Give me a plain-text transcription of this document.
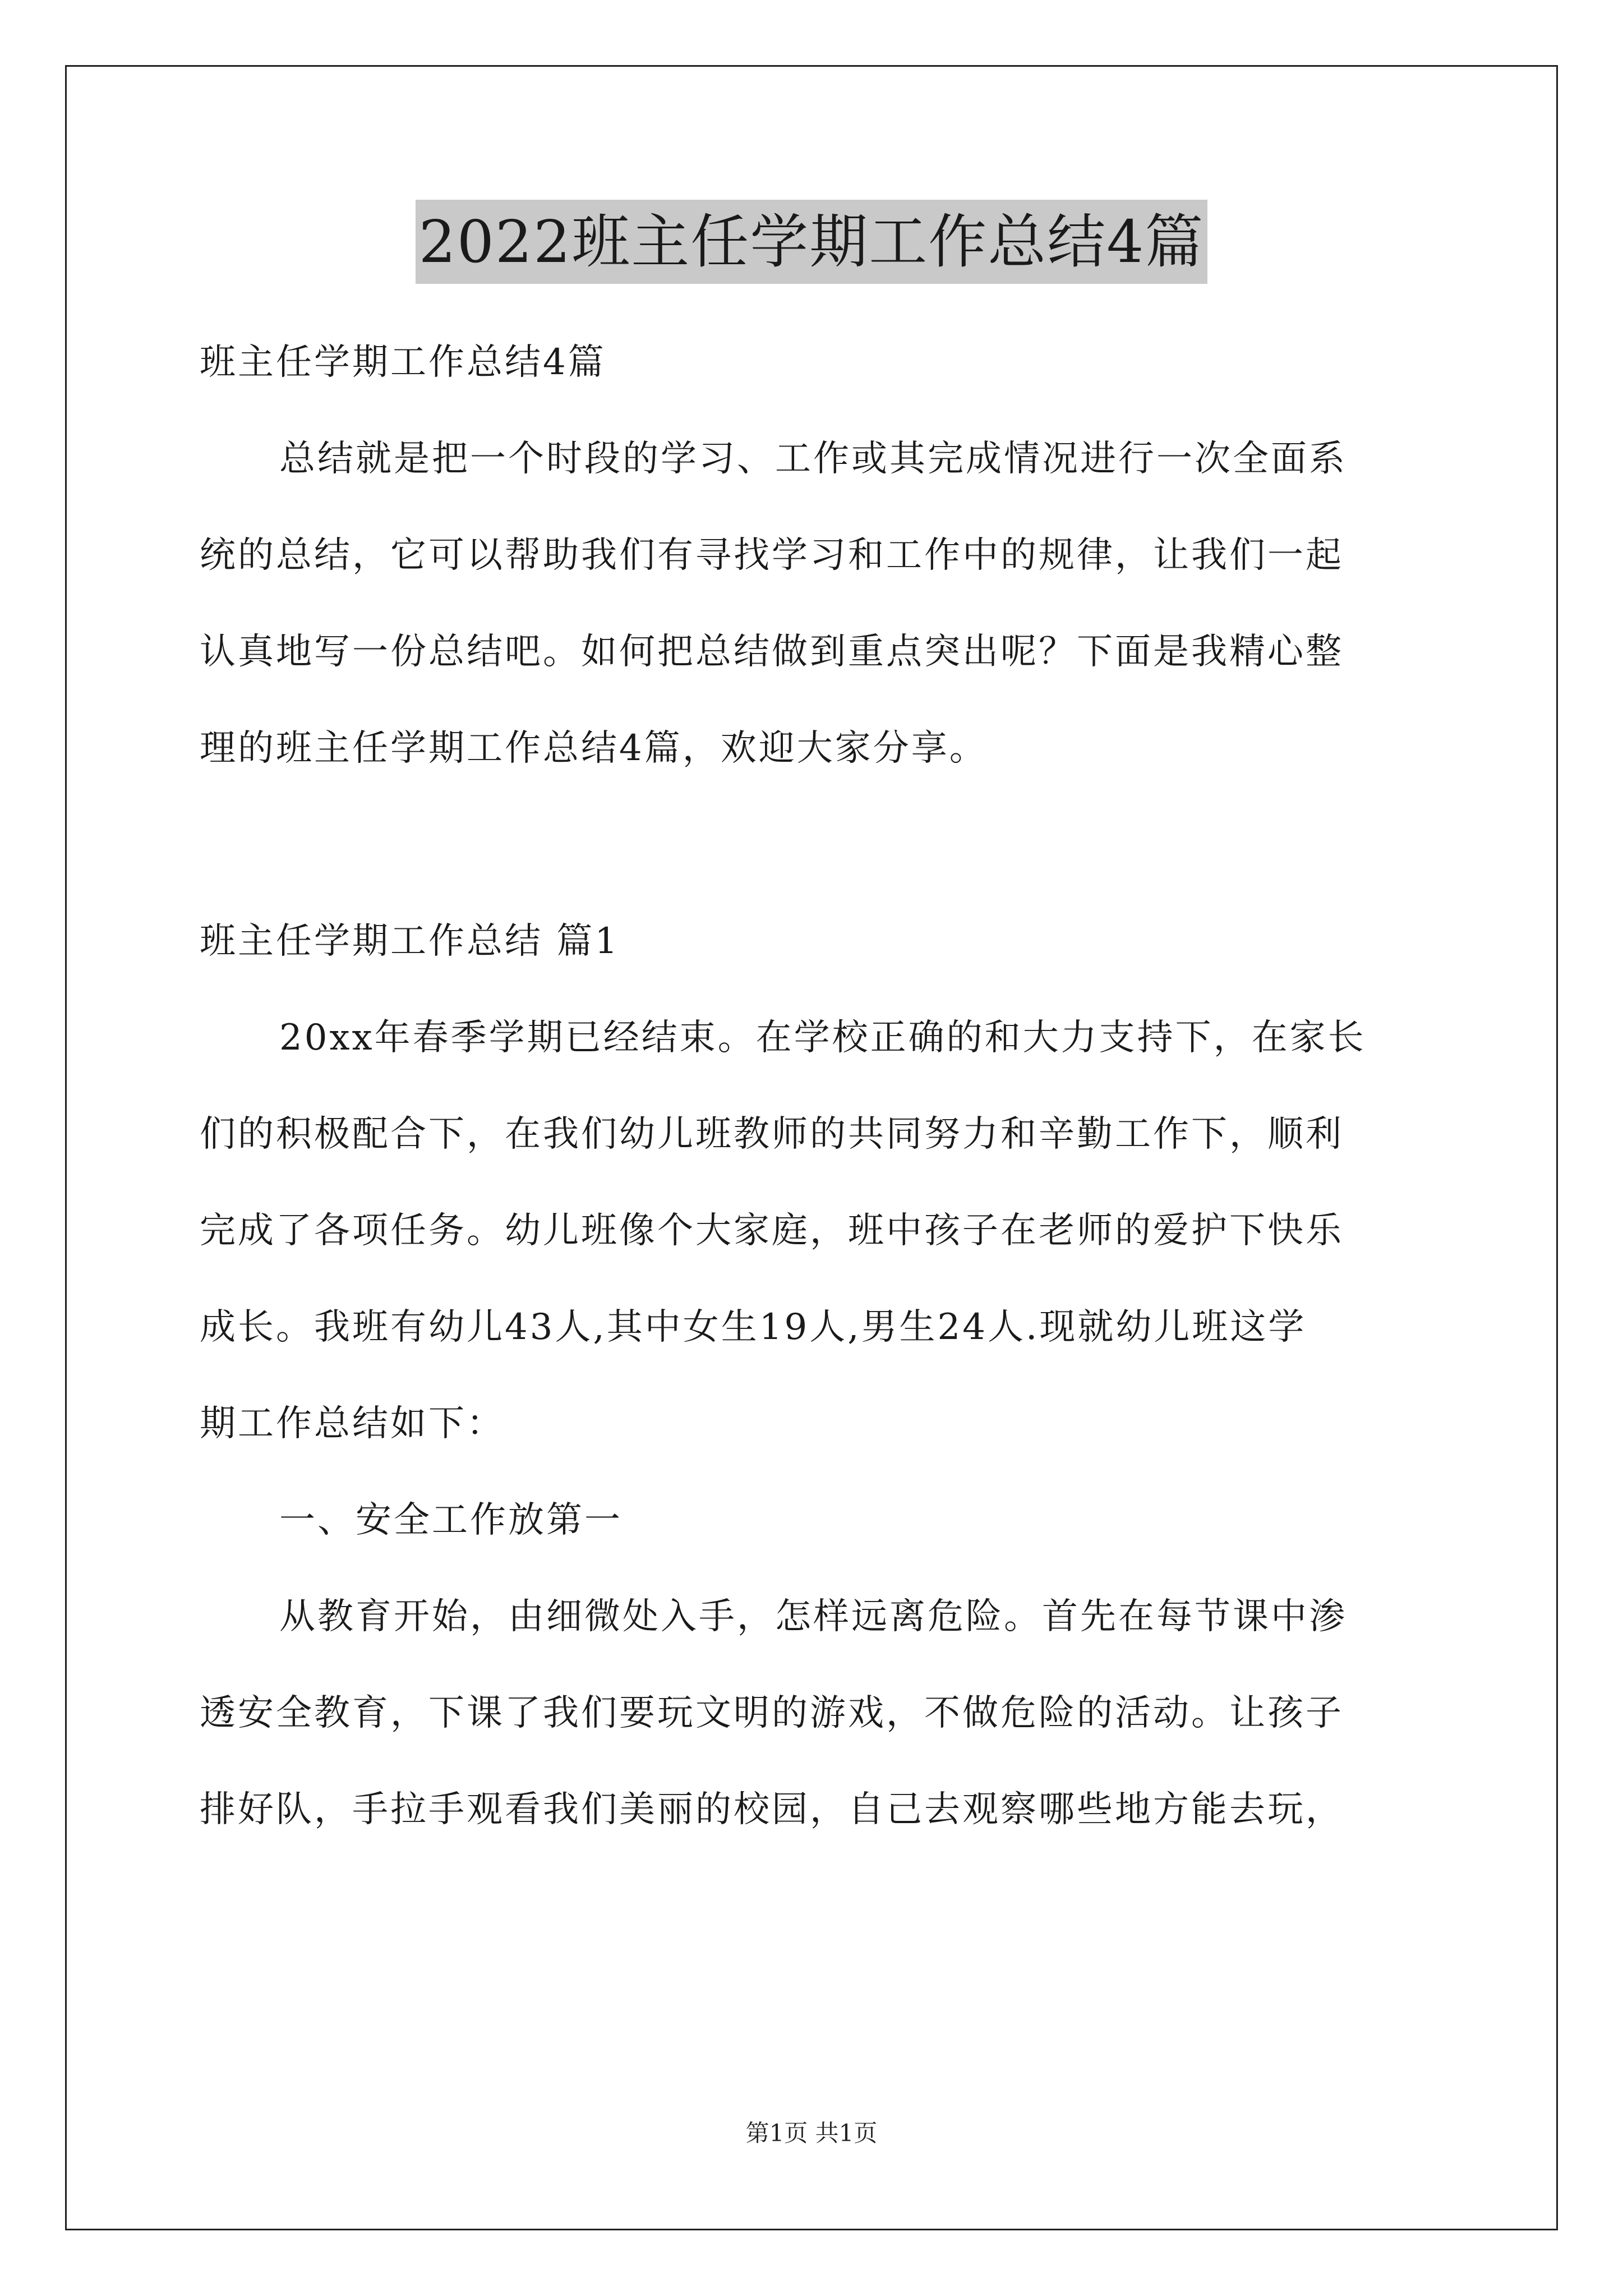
2022班主任学期工作总结4篇
班主任学期工作总结4篇
总结就是把一个时段的学习、工作或其完成情况进行一次全面系
统的总结，它可以帮助我们有寻找学习和工作中的规律，让我们一起
认真地写一份总结吧。如何把总结做到重点突出呢？下面是我精心整
理的班主任学期工作总结4篇，欢迎大家分享。
班主任学期工作总结 篇1
20xx年春季学期已经结束。在学校正确的和大力支持下，在家长
们的积极配合下，在我们幼儿班教师的共同努力和辛勤工作下，顺利
完成了各项任务。幼儿班像个大家庭，班中孩子在老师的爱护下快乐
成长。我班有幼儿43人,其中女生19人,男生24人.现就幼儿班这学
期工作总结如下：
一、安全工作放第一
从教育开始，由细微处入手，怎样远离危险。首先在每节课中渗
透安全教育，下课了我们要玩文明的游戏，不做危险的活动。让孩子
排好队，手拉手观看我们美丽的校园，自己去观察哪些地方能去玩，
第1页 共1页
